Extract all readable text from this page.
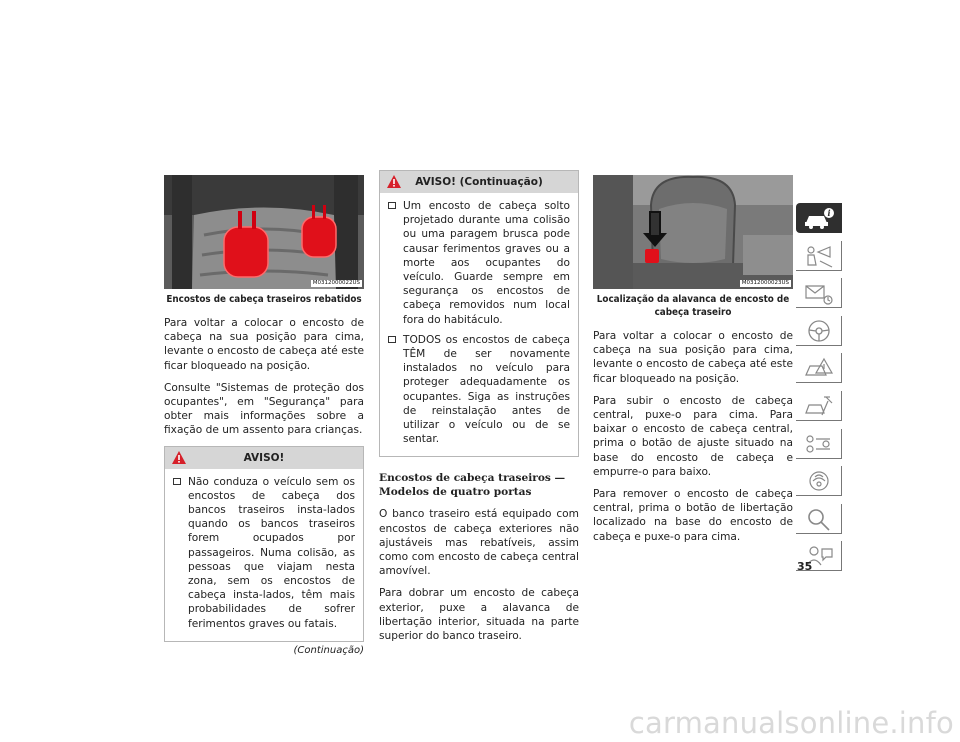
M0312000022US
Encostos de cabeça traseiros rebatidos

Para voltar a colocar o encosto de cabeça na sua posição para cima, levante o encosto de cabeça até este ficar bloqueado na posição.

Consulte "Sistemas de proteção dos ocupantes", em "Segurança" para obter mais informações sobre a fixação de um assento para crianças.

AVISO!
Não conduza o veículo sem os encostos de cabeça dos bancos traseiros insta-lados quando os bancos traseiros forem ocupados por passageiros. Numa colisão, as pessoas que viajam nesta zona, sem os encostos de cabeça insta-lados, têm mais probabilidades de sofrer ferimentos graves ou fatais.
(Continuação)
AVISO! (Continuação)
Um encosto de cabeça solto projetado durante uma colisão ou uma paragem brusca pode causar ferimentos graves ou a morte aos ocupantes do veículo. Guarde sempre em segurança os encostos de cabeça removidos num local fora do habitáculo.
TODOS os encostos de cabeça TÊM de ser novamente instalados no veículo para proteger adequadamente os ocupantes. Siga as instruções de reinstalação antes de utilizar o veículo ou de se sentar.
Encostos de cabeça traseiros — Modelos de quatro portas

O banco traseiro está equipado com encostos de cabeça exteriores não ajustáveis mas rebatíveis, assim como com encosto de cabeça central amovível.

Para dobrar um encosto de cabeça exterior, puxe a alavanca de libertação interior, situada na parte superior do banco traseiro.

M0312000023US
Localização da alavanca de encosto de cabeça traseiro

Para voltar a colocar o encosto de cabeça na sua posição para cima, levante o encosto de cabeça até este ficar bloqueado na posição.

Para subir o encosto de cabeça central, puxe-o para cima. Para baixar o encosto de cabeça central, prima o botão de ajuste situado na base do encosto de cabeça e empurre-o para baixo.

Para remover o encosto de cabeça central, prima o botão de libertação localizado na base do encosto de cabeça e puxe-o para cima.

i
35
carmanualsonline.info
